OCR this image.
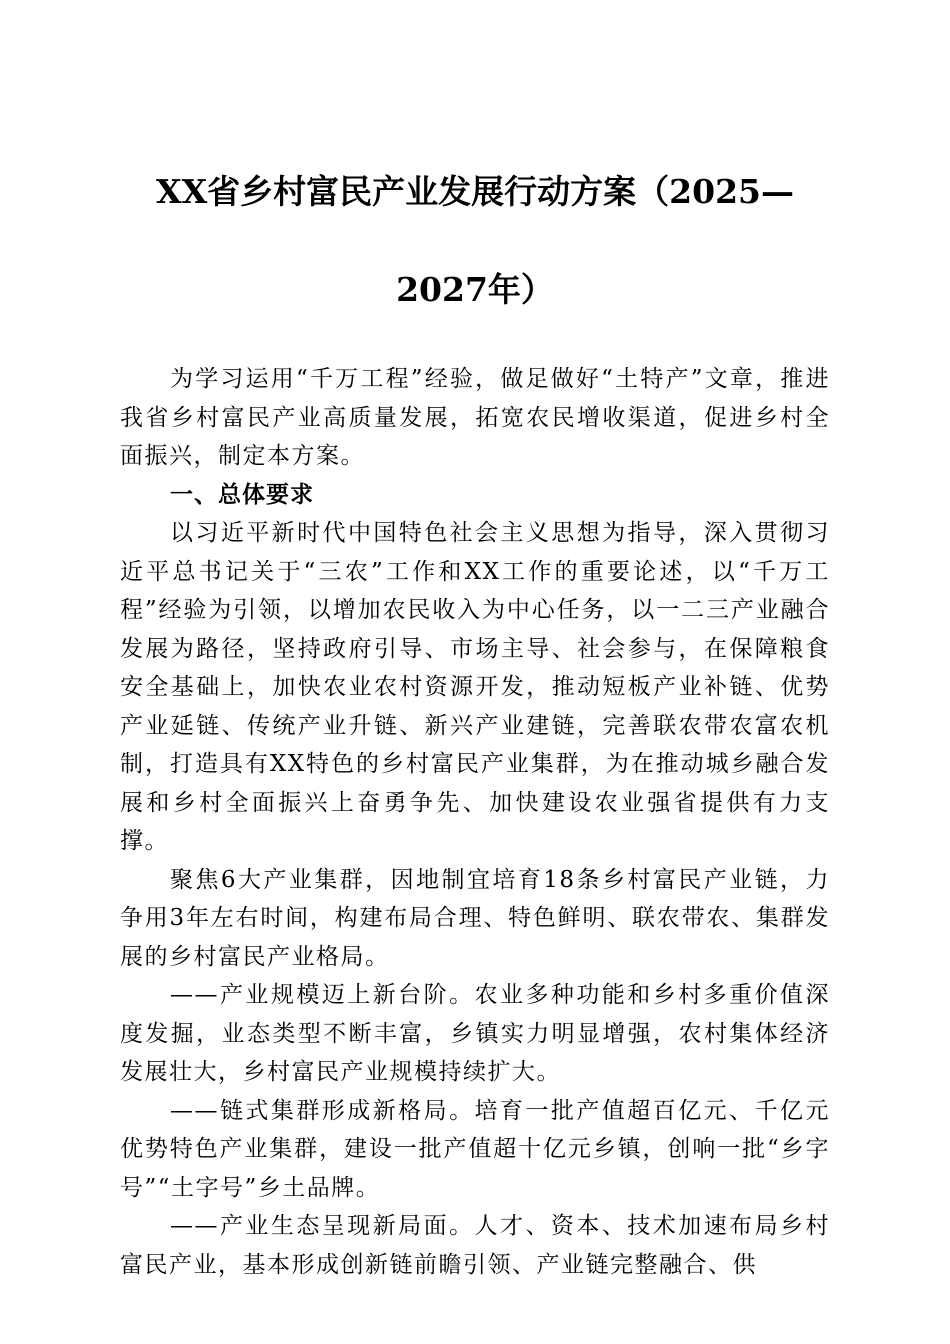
XX省乡村富民产业发展行动方案（2025—
2027年）

为学习运用“千万工程”经验，做足做好“土特产”文章，推进我省乡村富民产业高质量发展，拓宽农民增收渠道，促进乡村全面振兴，制定本方案。

一、总体要求

以习近平新时代中国特色社会主义思想为指导，深入贯彻习近平总书记关于“三农”工作和XX工作的重要论述，以“千万工程”经验为引领，以增加农民收入为中心任务，以一二三产业融合发展为路径，坚持政府引导、市场主导、社会参与，在保障粮食安全基础上，加快农业农村资源开发，推动短板产业补链、优势产业延链、传统产业升链、新兴产业建链，完善联农带农富农机制，打造具有XX特色的乡村富民产业集群，为在推动城乡融合发展和乡村全面振兴上奋勇争先、加快建设农业强省提供有力支撑。

聚焦6大产业集群，因地制宜培育18条乡村富民产业链，力争用3年左右时间，构建布局合理、特色鲜明、联农带农、集群发展的乡村富民产业格局。

——产业规模迈上新台阶。农业多种功能和乡村多重价值深度发掘，业态类型不断丰富，乡镇实力明显增强，农村集体经济发展壮大，乡村富民产业规模持续扩大。

——链式集群形成新格局。培育一批产值超百亿元、千亿元优势特色产业集群，建设一批产值超十亿元乡镇，创响一批“乡字号”“土字号”乡土品牌。

——产业生态呈现新局面。人才、资本、技术加速布局乡村富民产业，基本形成创新链前瞻引领、产业链完整融合、供
